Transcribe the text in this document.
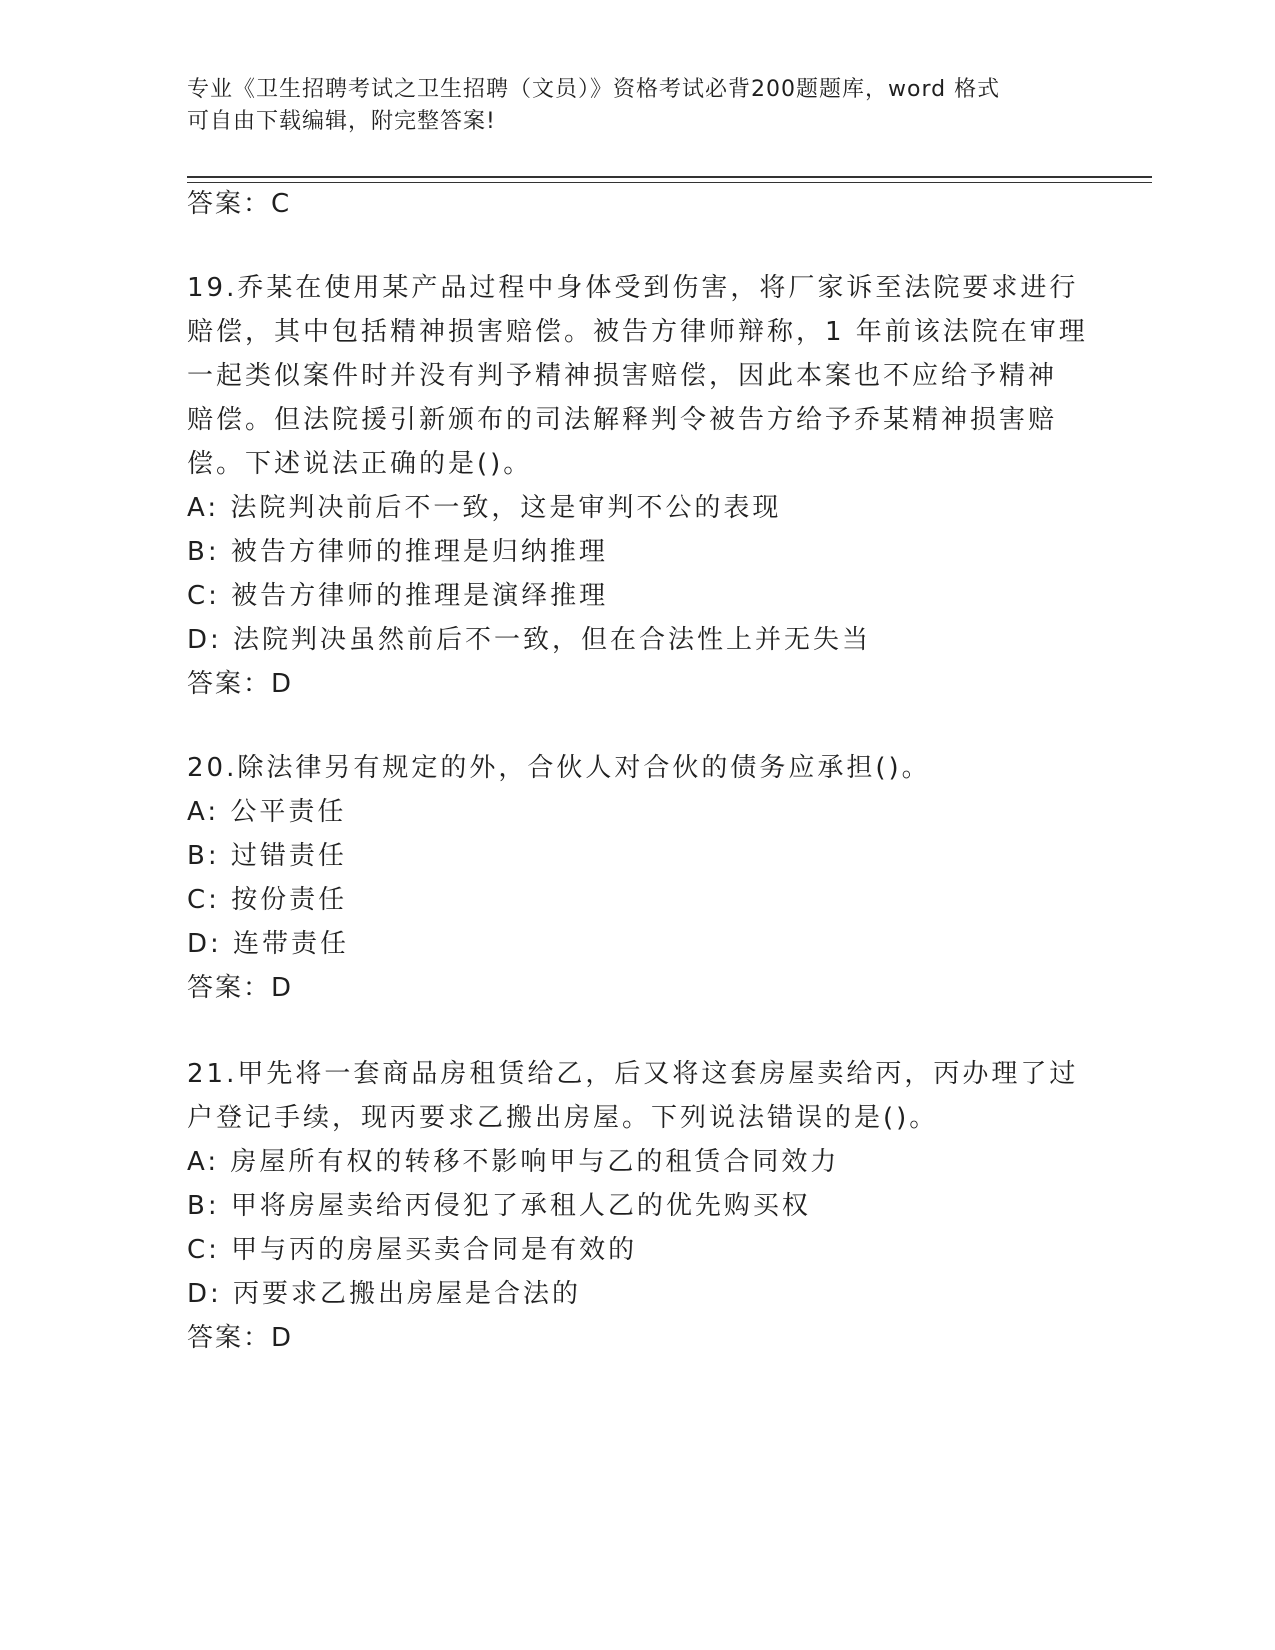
专业《卫生招聘考试之卫生招聘（文员）》资格考试必背200题题库，word 格式
可自由下载编辑，附完整答案!
答案：C
19.乔某在使用某产品过程中身体受到伤害，将厂家诉至法院要求进行
赔偿，其中包括精神损害赔偿。被告方律师辩称，1 年前该法院在审理
一起类似案件时并没有判予精神损害赔偿，因此本案也不应给予精神
赔偿。但法院援引新颁布的司法解释判令被告方给予乔某精神损害赔
偿。下述说法正确的是()。
A: 法院判决前后不一致，这是审判不公的表现
B: 被告方律师的推理是归纳推理
C: 被告方律师的推理是演绎推理
D: 法院判决虽然前后不一致，但在合法性上并无失当
答案：D
20.除法律另有规定的外，合伙人对合伙的债务应承担()。
A: 公平责任
B: 过错责任
C: 按份责任
D: 连带责任
答案：D
21.甲先将一套商品房租赁给乙，后又将这套房屋卖给丙，丙办理了过
户登记手续，现丙要求乙搬出房屋。下列说法错误的是()。
A: 房屋所有权的转移不影响甲与乙的租赁合同效力
B: 甲将房屋卖给丙侵犯了承租人乙的优先购买权
C: 甲与丙的房屋买卖合同是有效的
D: 丙要求乙搬出房屋是合法的
答案：D
